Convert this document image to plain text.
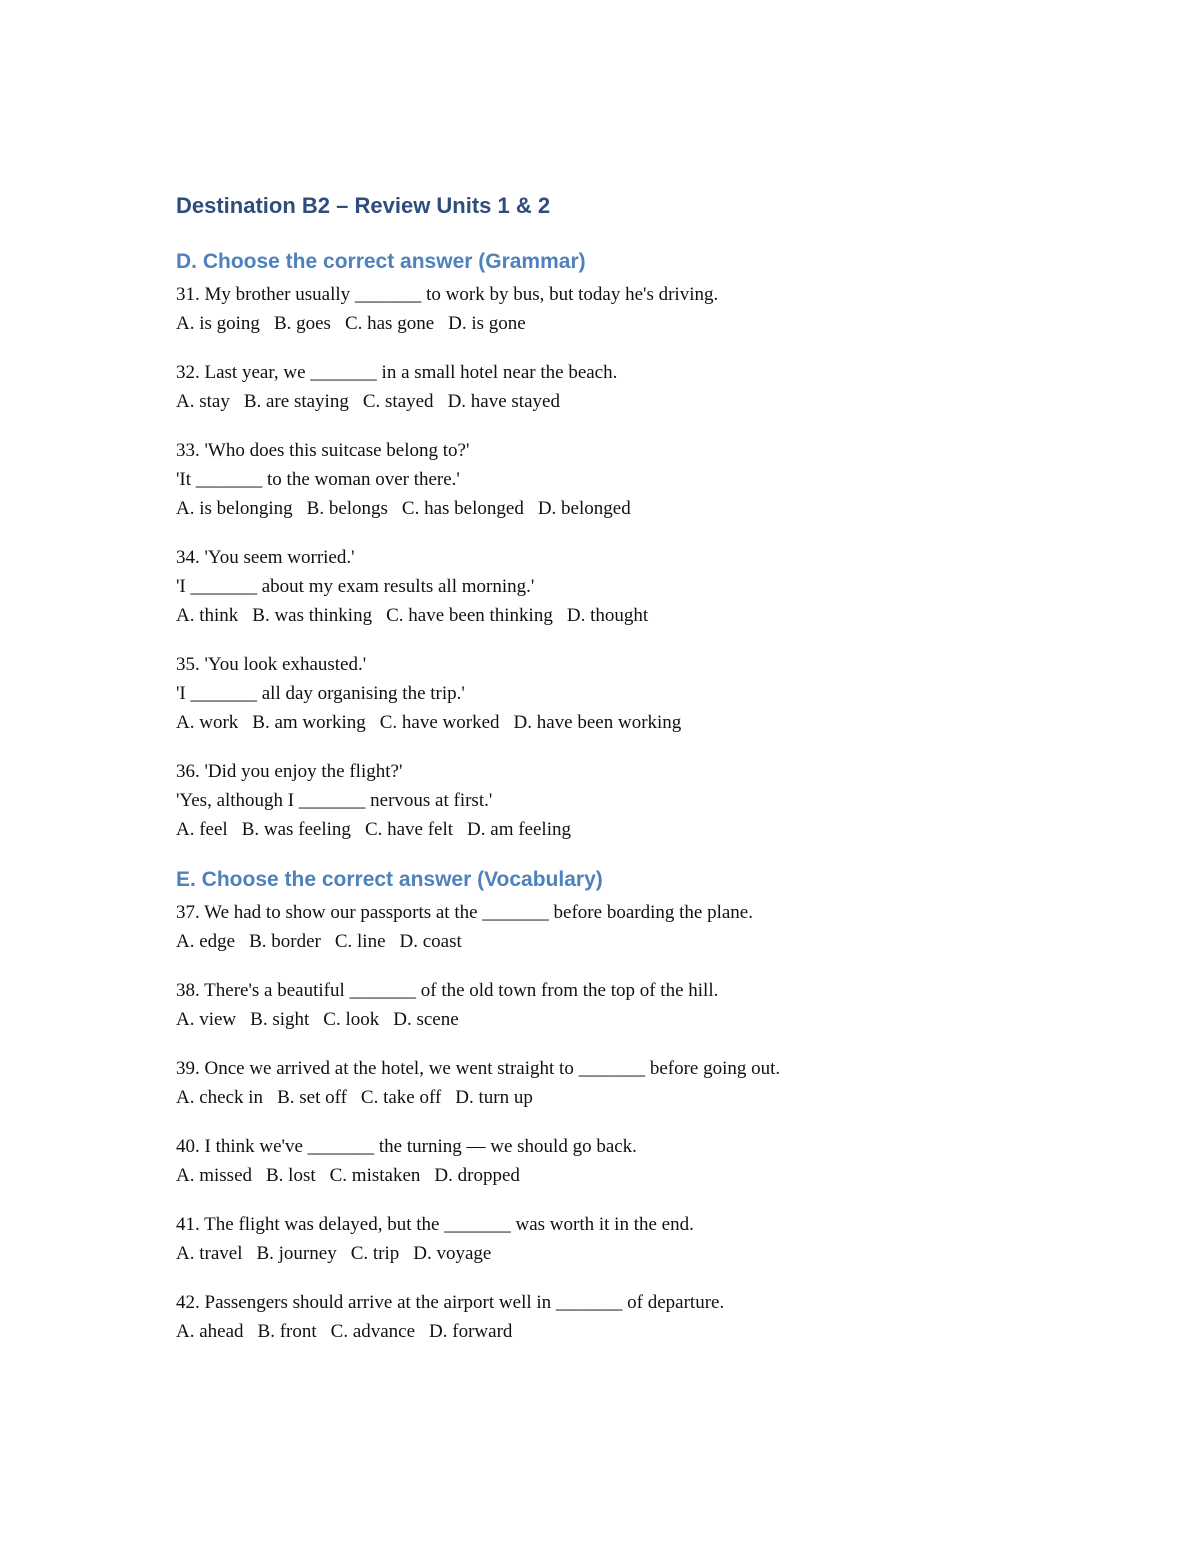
Destination B2 – Review Units 1 & 2
D. Choose the correct answer (Grammar)
31. My brother usually _______ to work by bus, but today he's driving.
A. is going B. goes C. has gone D. is gone
32. Last year, we _______ in a small hotel near the beach.
A. stay B. are staying C. stayed D. have stayed
33. 'Who does this suitcase belong to?'
'It _______ to the woman over there.'
A. is belonging B. belongs C. has belonged D. belonged
34. 'You seem worried.'
'I _______ about my exam results all morning.'
A. think B. was thinking C. have been thinking D. thought
35. 'You look exhausted.'
'I _______ all day organising the trip.'
A. work B. am working C. have worked D. have been working
36. 'Did you enjoy the flight?'
'Yes, although I _______ nervous at first.'
A. feel B. was feeling C. have felt D. am feeling
E. Choose the correct answer (Vocabulary)
37. We had to show our passports at the _______ before boarding the plane.
A. edge B. border C. line D. coast
38. There's a beautiful _______ of the old town from the top of the hill.
A. view B. sight C. look D. scene
39. Once we arrived at the hotel, we went straight to _______ before going out.
A. check in B. set off C. take off D. turn up
40. I think we've _______ the turning — we should go back.
A. missed B. lost C. mistaken D. dropped
41. The flight was delayed, but the _______ was worth it in the end.
A. travel B. journey C. trip D. voyage
42. Passengers should arrive at the airport well in _______ of departure.
A. ahead B. front C. advance D. forward
